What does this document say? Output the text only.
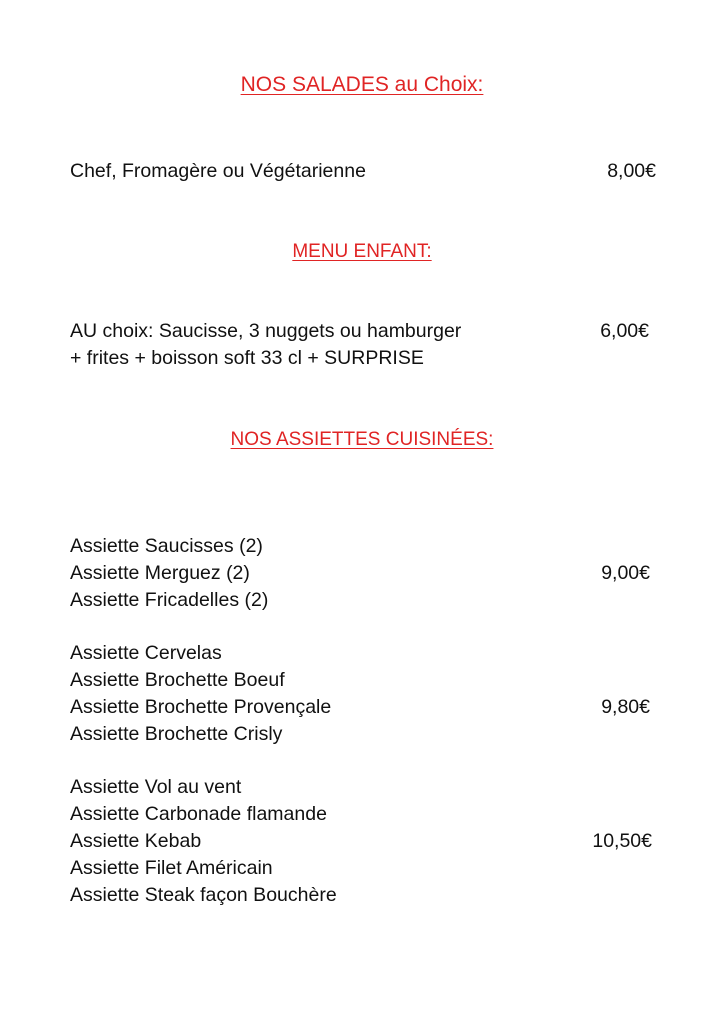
NOS SALADES au Choix:

Chef, Fromagère ou Végétarienne	8,00€

MENU ENFANT:

AU choix: Saucisse, 3 nuggets ou hamburger

+ frites + boisson soft 33 cl + SURPRISE

6,00€

NOS ASSIETTES CUISINÉES:

Assiette Saucisses (2)

Assiette Merguez (2)

Assiette Fricadelles (2)

9,00€

Assiette Cervelas

Assiette Brochette Boeuf

Assiette Brochette Provençale

Assiette Brochette Crisly

9,80€

Assiette Vol au vent

Assiette Carbonade flamande

Assiette Kebab

Assiette Filet Américain

Assiette Steak façon Bouchère

10,50€
